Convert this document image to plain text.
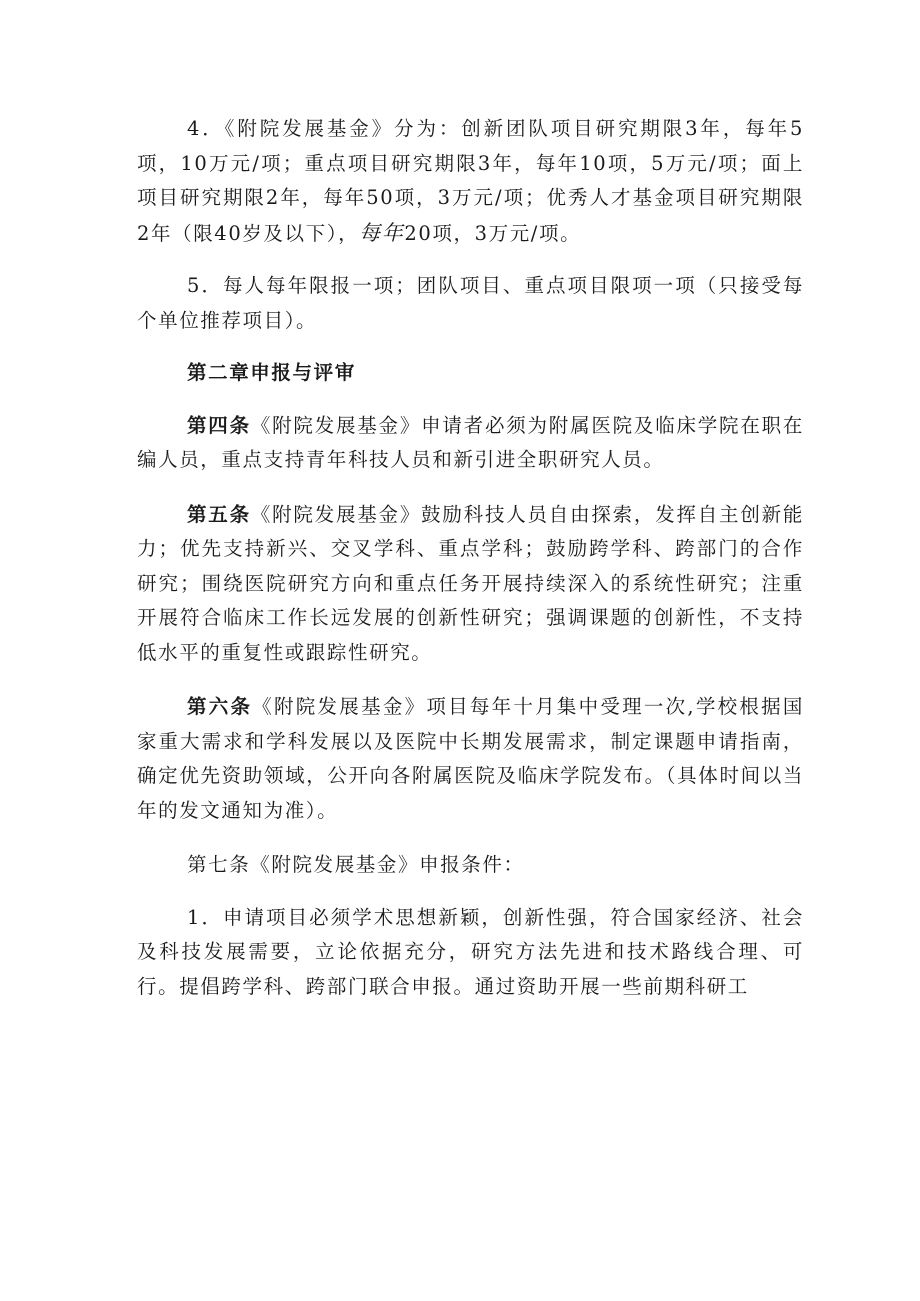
4．《附院发展基金》分为：创新团队项目研究期限3年，每年5项，10万元/项；重点项目研究期限3年，每年10项，5万元/项；面上项目研究期限2年，每年50项，3万元/项；优秀人才基金项目研究期限2年（限40岁及以下），每年20项，3万元/项。

5．每人每年限报一项；团队项目、重点项目限项一项（只接受每个单位推荐项目）。

第二章申报与评审

第四条《附院发展基金》申请者必须为附属医院及临床学院在职在编人员，重点支持青年科技人员和新引进全职研究人员。

第五条《附院发展基金》鼓励科技人员自由探索，发挥自主创新能力；优先支持新兴、交叉学科、重点学科；鼓励跨学科、跨部门的合作研究；围绕医院研究方向和重点任务开展持续深入的系统性研究；注重开展符合临床工作长远发展的创新性研究；强调课题的创新性，不支持低水平的重复性或跟踪性研究。

第六条《附院发展基金》项目每年十月集中受理一次,学校根据国家重大需求和学科发展以及医院中长期发展需求，制定课题申请指南，确定优先资助领域，公开向各附属医院及临床学院发布。（具体时间以当年的发文通知为准）。

第七条《附院发展基金》申报条件：

1．申请项目必须学术思想新颖，创新性强，符合国家经济、社会及科技发展需要，立论依据充分，研究方法先进和技术路线合理、可行。提倡跨学科、跨部门联合申报。通过资助开展一些前期科研工
